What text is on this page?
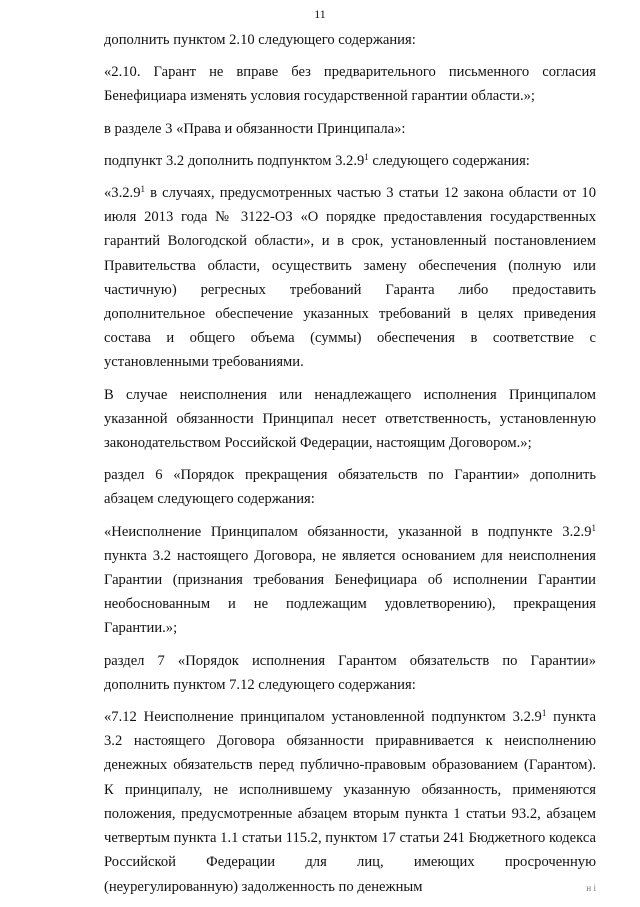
11

дополнить пунктом 2.10 следующего содержания:

«2.10. Гарант не вправе без предварительного письменного согласия Бенефициара изменять условия государственной гарантии области.»;

в разделе 3 «Права и обязанности Принципала»:

подпункт 3.2 дополнить подпунктом 3.2.9$^1$ следующего содержания:

«3.2.9$^1$ в случаях, предусмотренных частью 3 статьи 12 закона области от 10 июля 2013 года № 3122-ОЗ «О порядке предоставления государственных гарантий Вологодской области», и в срок, установленный постановлением Правительства области, осуществить замену обеспечения (полную или частичную) регресных требований Гаранта либо предоставить дополнительное обеспечение указанных требований в целях приведения состава и общего объема (суммы) обеспечения в соответствие с установленными требованиями.

В случае неисполнения или ненадлежащего исполнения Принципалом указанной обязанности Принципал несет ответственность, установленную законодательством Российской Федерации, настоящим Договором.»;

раздел 6 «Порядок прекращения обязательств по Гарантии» дополнить абзацем следующего содержания:

«Неисполнение Принципалом обязанности, указанной в подпункте 3.2.9$^1$ пункта 3.2 настоящего Договора, не является основанием для неисполнения Гарантии (признания требования Бенефициара об исполнении Гарантии необоснованным и не подлежащим удовлетворению), прекращения Гарантии.»;

раздел 7 «Порядок исполнения Гарантом обязательств по Гарантии» дополнить пунктом 7.12 следующего содержания:

«7.12 Неисполнение принципалом установленной подпунктом 3.2.9$^1$ пункта 3.2 настоящего Договора обязанности приравнивается к неисполнению денежных обязательств перед публично-правовым образованием (Гарантом). К принципалу, не исполнившему указанную обязанность, применяются положения, предусмотренные абзацем вторым пункта 1 статьи 93.2, абзацем четвертым пункта 1.1 статьи 115.2, пунктом 17 статьи 241 Бюджетного кодекса Российской Федерации для лиц, имеющих просроченную (неурегулированную) задолженность по денежным	н і
